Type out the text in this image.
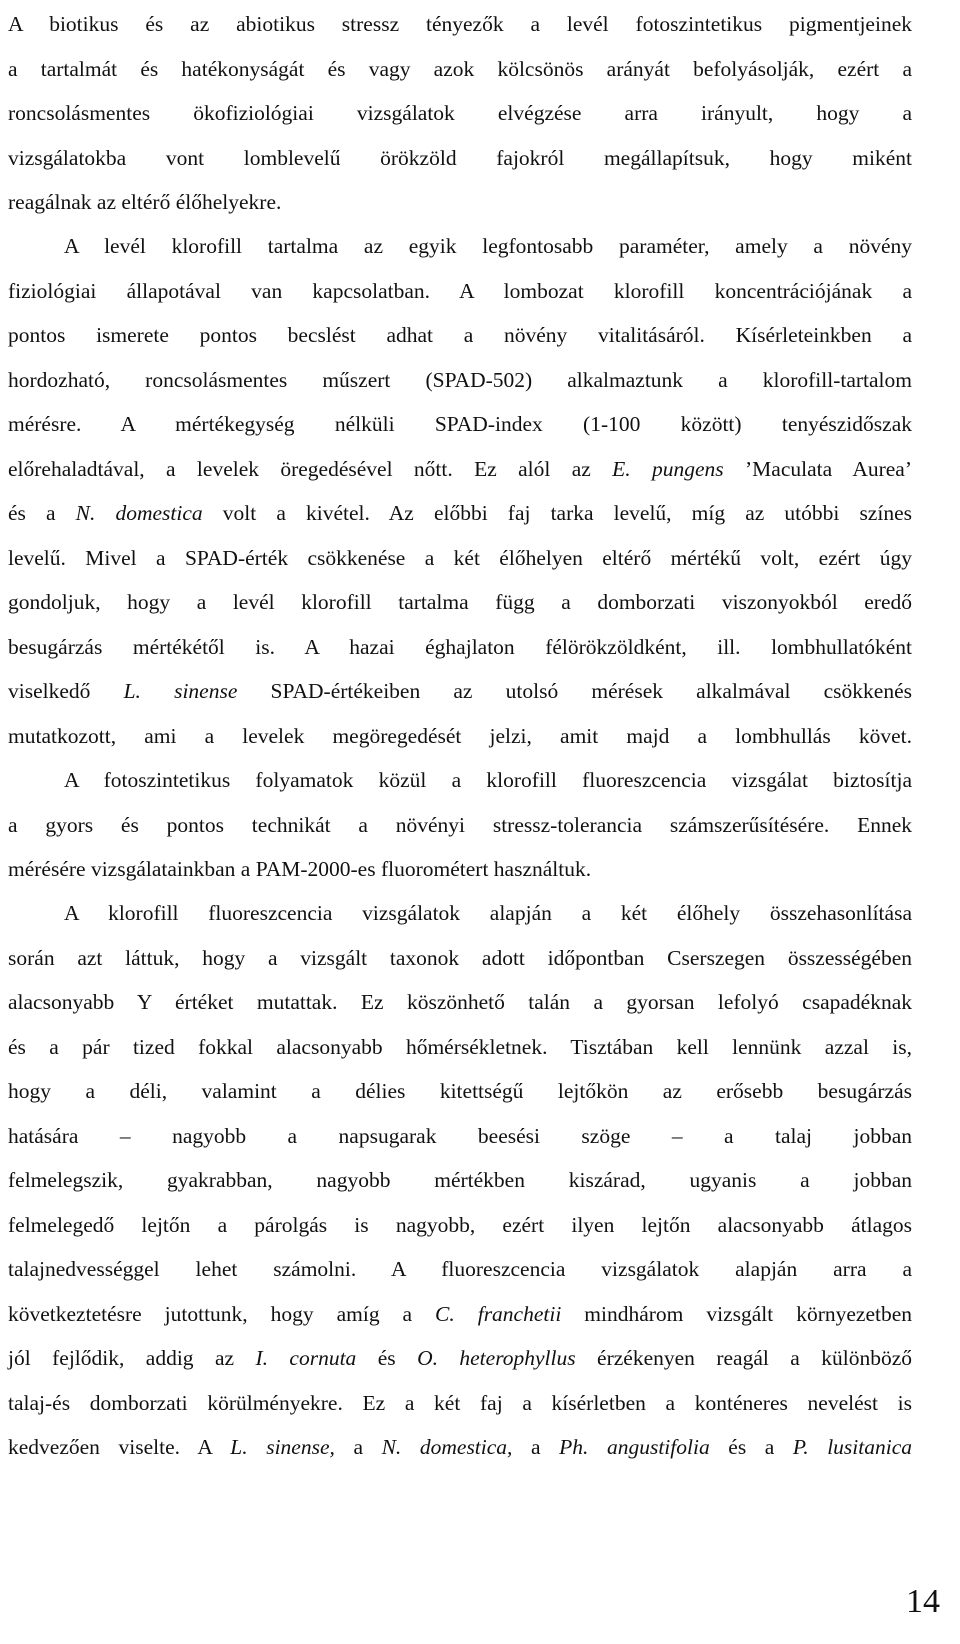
A biotikus és az abiotikus stressz tényezők a levél fotoszintetikus pigmentjeinek
a tartalmát és hatékonyságát és vagy azok kölcsönös arányát befolyásolják, ezért a
roncsolásmentes ökofiziológiai vizsgálatok elvégzése arra irányult, hogy a
vizsgálatokba vont lomblevelű örökzöld fajokról megállapítsuk, hogy miként
reagálnak az eltérő élőhelyekre.
A levél klorofill tartalma az egyik legfontosabb paraméter, amely a növény
fiziológiai állapotával van kapcsolatban. A lombozat klorofill koncentrációjának a
pontos ismerete pontos becslést adhat a növény vitalitásáról. Kísérleteinkben a
hordozható, roncsolásmentes műszert (SPAD-502) alkalmaztunk a klorofill-tartalom
mérésre. A mértékegység nélküli SPAD-index (1-100 között) tenyészidőszak
előrehaladtával, a levelek öregedésével nőtt. Ez alól az E. pungens ’Maculata Aurea’
és a N. domestica volt a kivétel. Az előbbi faj tarka levelű, míg az utóbbi színes
levelű. Mivel a SPAD-érték csökkenése a két élőhelyen eltérő mértékű volt, ezért úgy
gondoljuk, hogy a levél klorofill tartalma függ a domborzati viszonyokból eredő
besugárzás mértékétől is. A hazai éghajlaton félörökzöldként, ill. lombhullatóként
viselkedő L. sinense SPAD-értékeiben az utolsó mérések alkalmával csökkenés
mutatkozott, ami a levelek megöregedését jelzi, amit majd a lombhullás követ.
A fotoszintetikus folyamatok közül a klorofill fluoreszcencia vizsgálat biztosítja
a gyors és pontos technikát a növényi stressz-tolerancia számszerűsítésére. Ennek
mérésére vizsgálatainkban a PAM-2000-es fluorométert használtuk.
A klorofill fluoreszcencia vizsgálatok alapján a két élőhely összehasonlítása
során azt láttuk, hogy a vizsgált taxonok adott időpontban Cserszegen összességében
alacsonyabb Y értéket mutattak. Ez köszönhető talán a gyorsan lefolyó csapadéknak
és a pár tized fokkal alacsonyabb hőmérsékletnek. Tisztában kell lennünk azzal is,
hogy a déli, valamint a délies kitettségű lejtőkön az erősebb besugárzás
hatására – nagyobb a napsugarak beesési szöge – a talaj jobban
felmelegszik, gyakrabban, nagyobb mértékben kiszárad, ugyanis a jobban
felmelegedő lejtőn a párolgás is nagyobb, ezért ilyen lejtőn alacsonyabb átlagos
talajnedvességgel lehet számolni. A fluoreszcencia vizsgálatok alapján arra a
következtetésre jutottunk, hogy amíg a C. franchetii mindhárom vizsgált környezetben
jól fejlődik, addig az I. cornuta és O. heterophyllus érzékenyen reagál a különböző
talaj-és domborzati körülményekre. Ez a két faj a kísérletben a konténeres nevelést is
kedvezően viselte. A L. sinense, a N. domestica, a Ph. angustifolia és a P. lusitanica
14
